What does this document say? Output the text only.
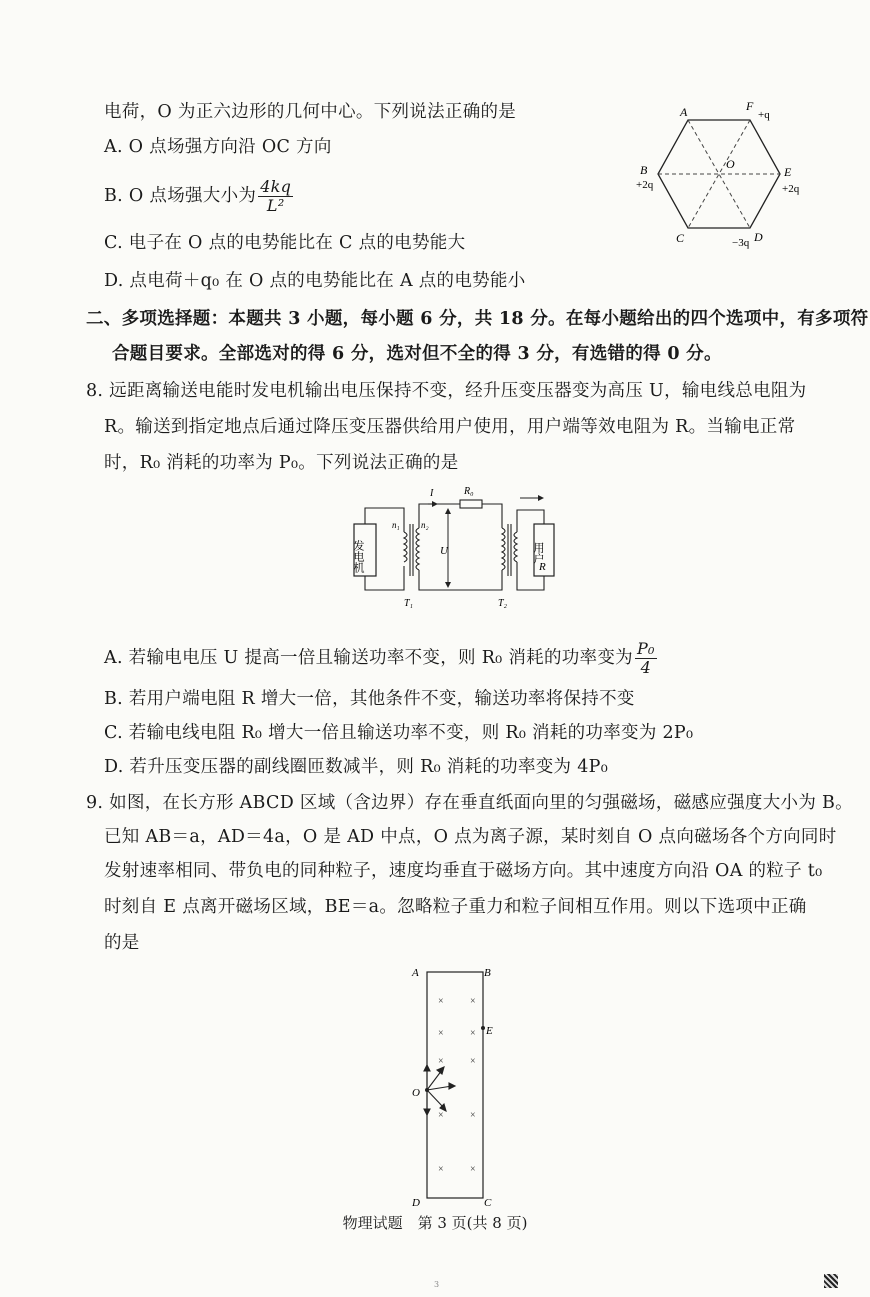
电荷，O 为正六边形的几何中心。下列说法正确的是
A. O 点场强方向沿 OC 方向
B. O 点场强大小为 $\frac{4kq}{\text{L²}}$
C. 电子在 O 点的电势能比在 C 点的电势能大
D. 点电荷＋q₀ 在 O 点的电势能比在 A 点的电势能小
A	F
+q
B
+2q
E
+2q
O
C	−3q D
二、多项选择题：本题共 3 小题，每小题 6 分，共 18 分。在每小题给出的四个选项中，有多项符
合题目要求。全部选对的得 6 分，选对但不全的得 3 分，有选错的得 0 分。
8. 远距离输送电能时发电机输出电压保持不变，经升压变压器变为高压 U，输电线总电阻为
R。输送到指定地点后通过降压变压器供给用户使用，用户端等效电阻为 R。当输电正常
时，R₀ 消耗的功率为 P₀。下列说法正确的是
发电机
n₁ n₂
T₁
I	R₀
U
T₂
用户
R
A. 若输电电压 U 提高一倍且输送功率不变，则 R₀ 消耗的功率变为 $\frac{\text{P₀}}{4}$
B. 若用户端电阻 R 增大一倍，其他条件不变，输送功率将保持不变
C. 若输电线电阻 R₀ 增大一倍且输送功率不变，则 R₀ 消耗的功率变为 2P₀
D. 若升压变压器的副线圈匝数减半，则 R₀ 消耗的功率变为 4P₀
9. 如图，在长方形 ABCD 区域（含边界）存在垂直纸面向里的匀强磁场，磁感应强度大小为 B。
已知 AB＝a，AD＝4a，O 是 AD 中点，O 点为离子源，某时刻自 O 点向磁场各个方向同时
发射速率相同、带负电的同种粒子，速度均垂直于磁场方向。其中速度方向沿 OA 的粒子 t₀
时刻自 E 点离开磁场区域，BE＝a。忽略粒子重力和粒子间相互作用。则以下选项中正确
的是
A	B
D	C
E
O
×	×
×	×
×	×
×	×
×	×
物理试题　第 3 页(共 8 页)
3
